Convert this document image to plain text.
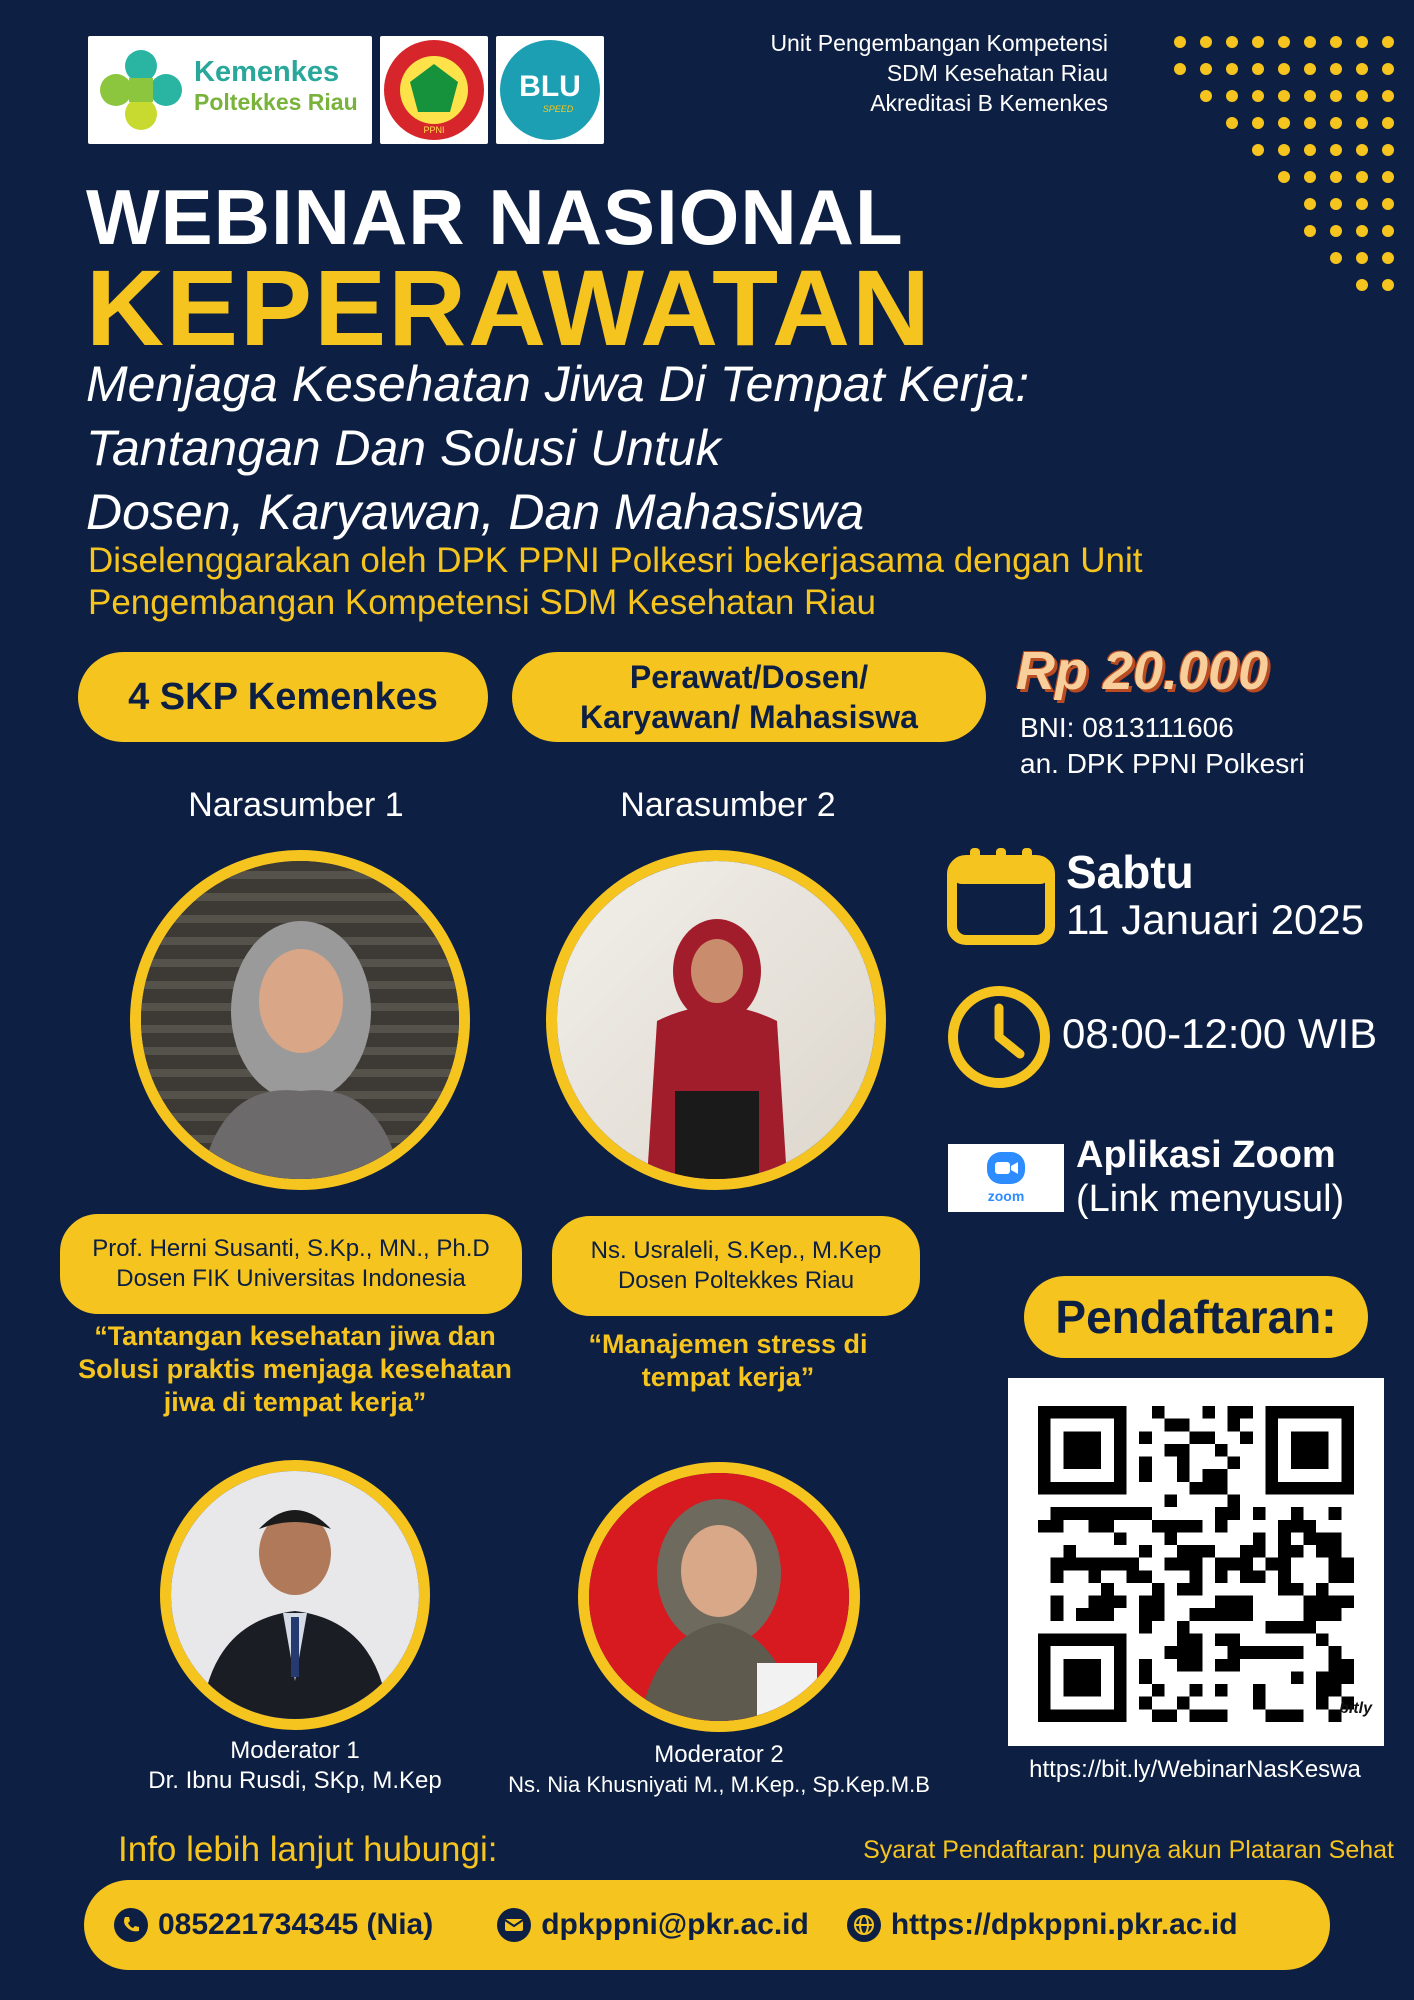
Kemenkes
Poltekkes Riau
PPNI
BLU
SPEED
Unit Pengembangan Kompetensi
SDM Kesehatan Riau
Akreditasi B Kemenkes
WEBINAR NASIONAL
KEPERAWATAN
Menjaga Kesehatan Jiwa Di Tempat Kerja:
Tantangan Dan Solusi Untuk
Dosen, Karyawan, Dan Mahasiswa
Diselenggarakan oleh DPK PPNI Polkesri bekerjasama dengan Unit
Pengembangan Kompetensi SDM Kesehatan Riau
4 SKP Kemenkes	Perawat/Dosen/
Karyawan/ Mahasiswa
Rp 20.000
BNI: 0813111606
an. DPK PPNI Polkesri
Narasumber 1	Narasumber 2
Prof. Herni Susanti, S.Kp., MN., Ph.D
Dosen FIK Universitas Indonesia
Ns. Usraleli, S.Kep., M.Kep
Dosen Poltekkes Riau
“Tantangan kesehatan jiwa dan
Solusi praktis menjaga kesehatan
jiwa di tempat kerja”
“Manajemen stress di
tempat kerja”
Moderator 1
Dr. Ibnu Rusdi, SKp, M.Kep
Moderator 2
Ns. Nia Khusniyati M., M.Kep., Sp.Kep.M.B
Sabtu
11 Januari 2025
08:00-12:00 WIB
zoom
Aplikasi Zoom
(Link menyusul)
Pendaftaran:
bitly
https://bit.ly/WebinarNasKeswa
Info lebih lanjut hubungi:	Syarat Pendaftaran: punya akun Plataran Sehat
085221734345 (Nia)	dpkppni@pkr.ac.id	https://dpkppni.pkr.ac.id
